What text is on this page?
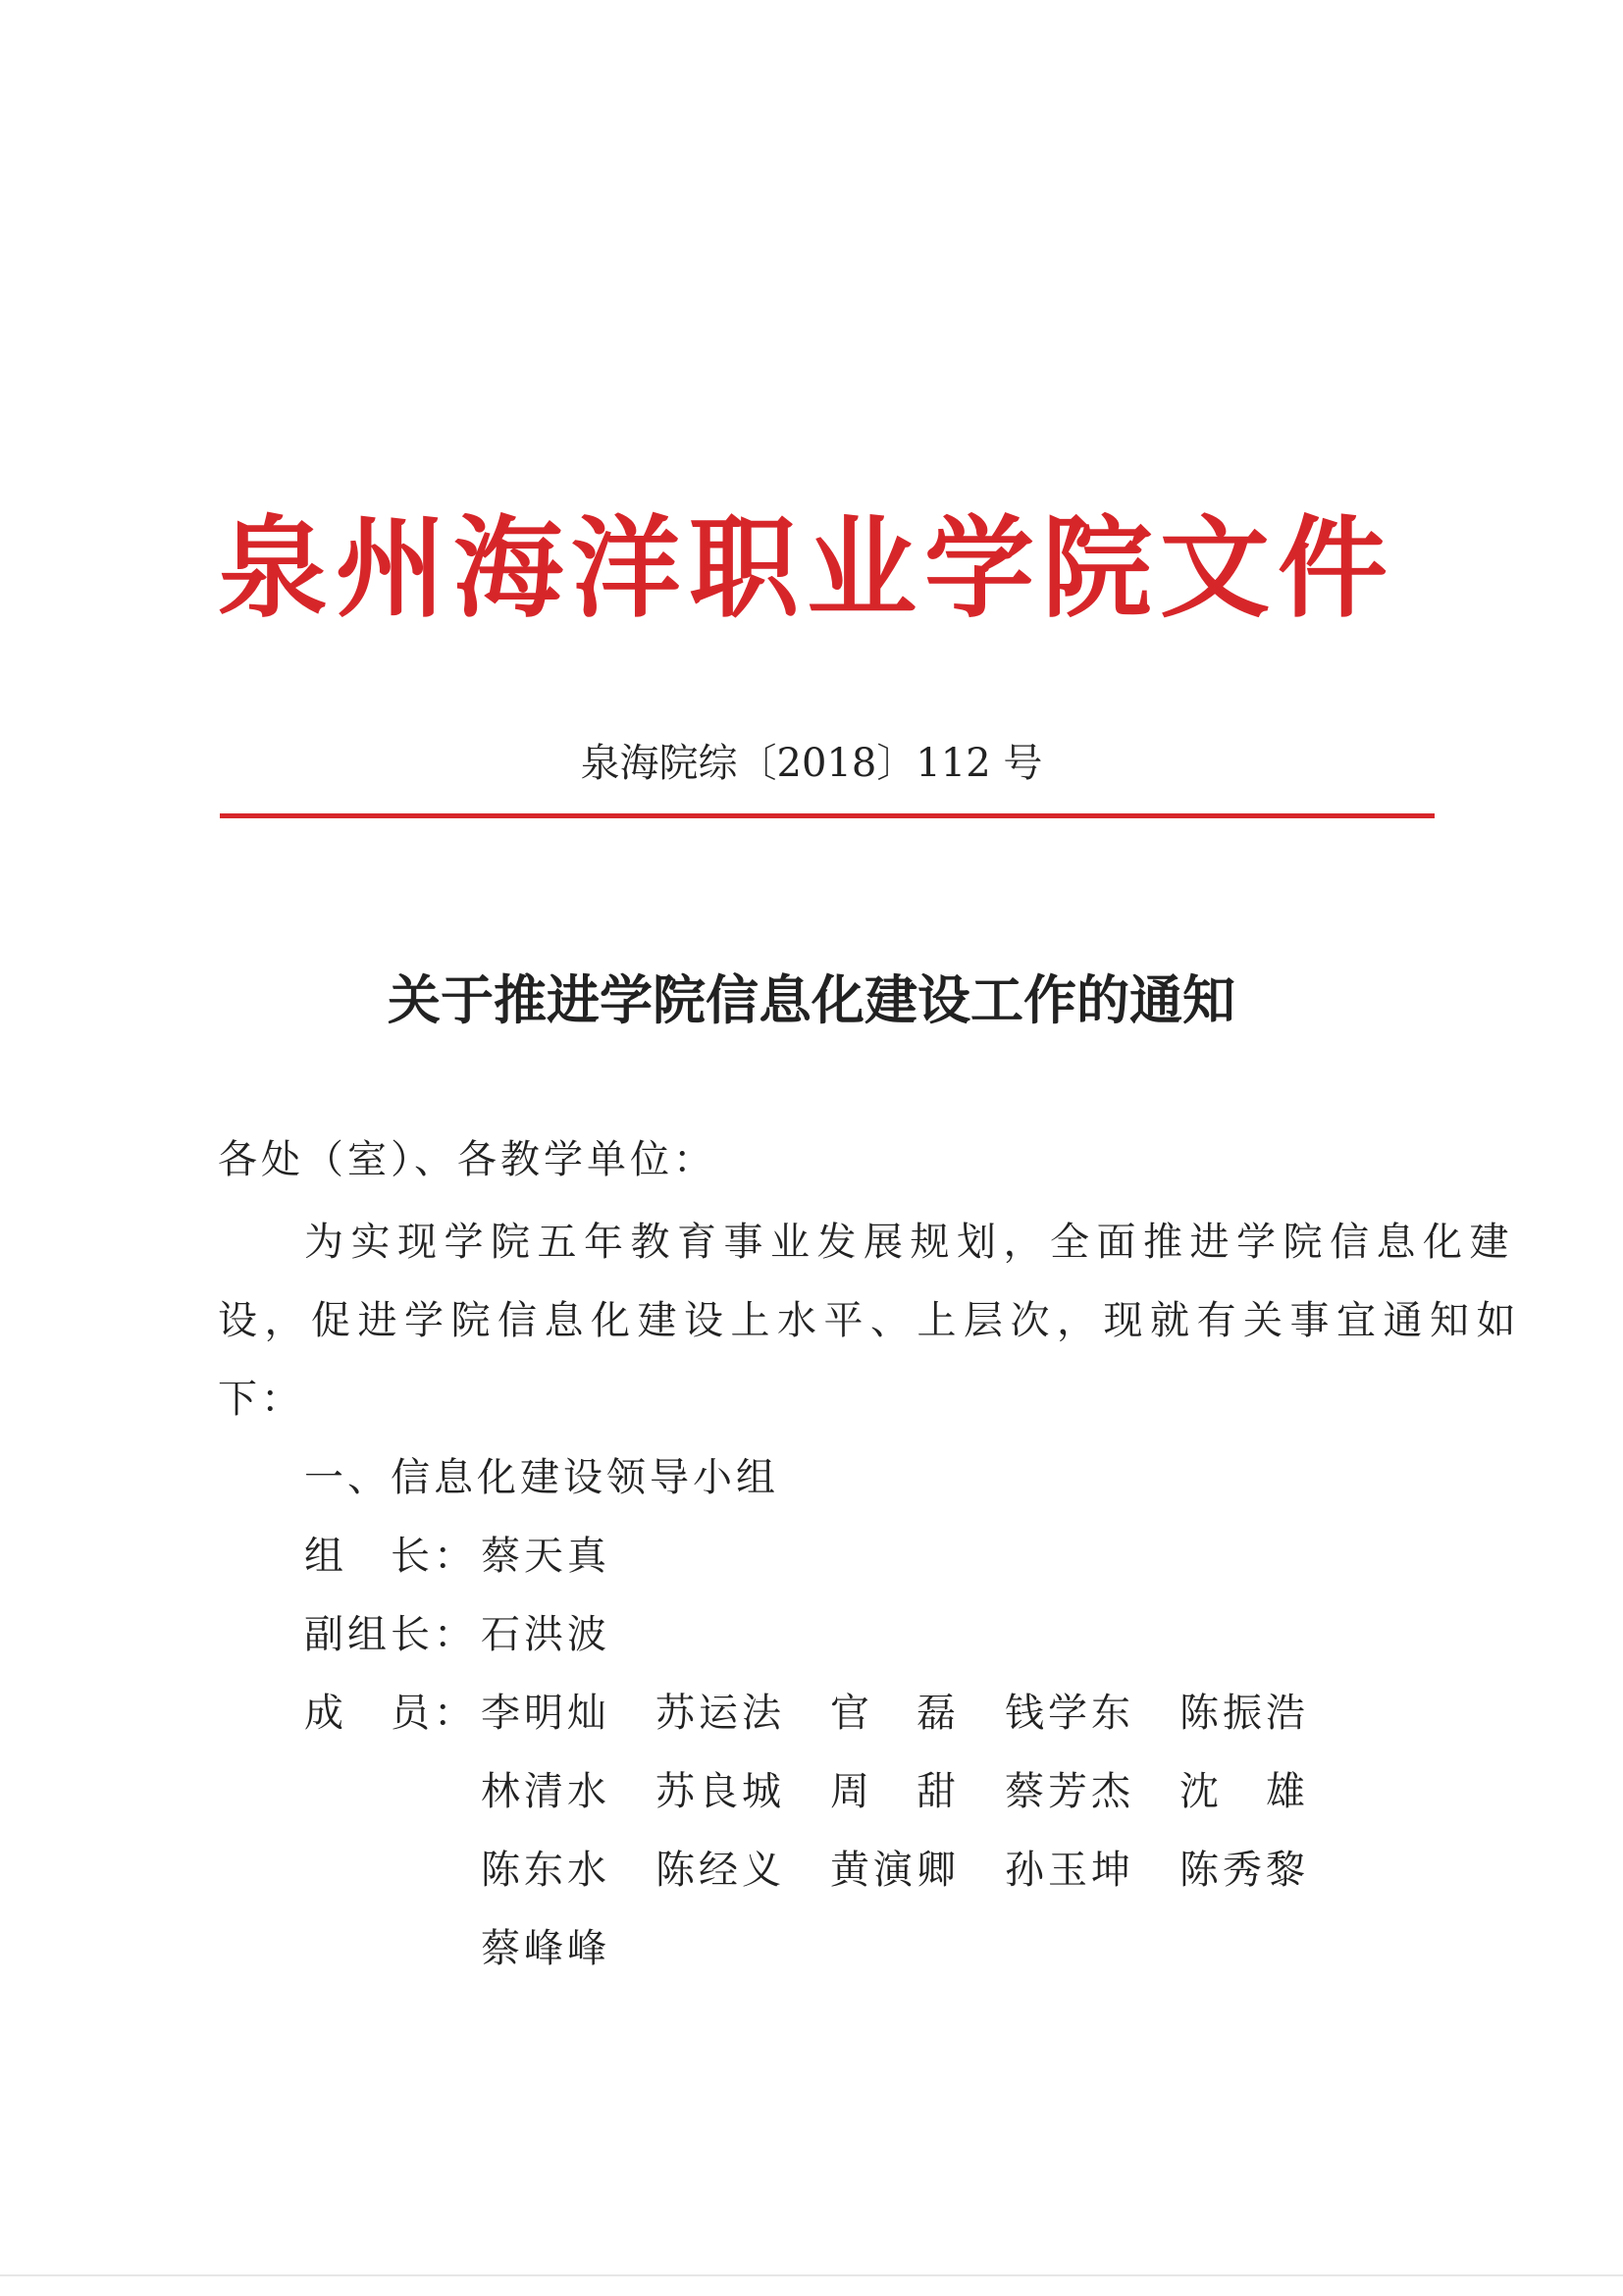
泉州海洋职业学院文件
泉海院综〔2018〕112 号
关于推进学院信息化建设工作的通知
各处（室）、各教学单位：
为实现学院五年教育事业发展规划，全面推进学院信息化建
设，促进学院信息化建设上水平、上层次，现就有关事宜通知如
下：
一、信息化建设领导小组
组　长： 蔡天真
副组长： 石洪波
成　员： 李明灿 苏运法 官　磊 钱学东 陈振浩
林清水 苏良城 周　甜 蔡芳杰 沈　雄
陈东水 陈经义 黄演卿 孙玉坤 陈秀黎
蔡峰峰
